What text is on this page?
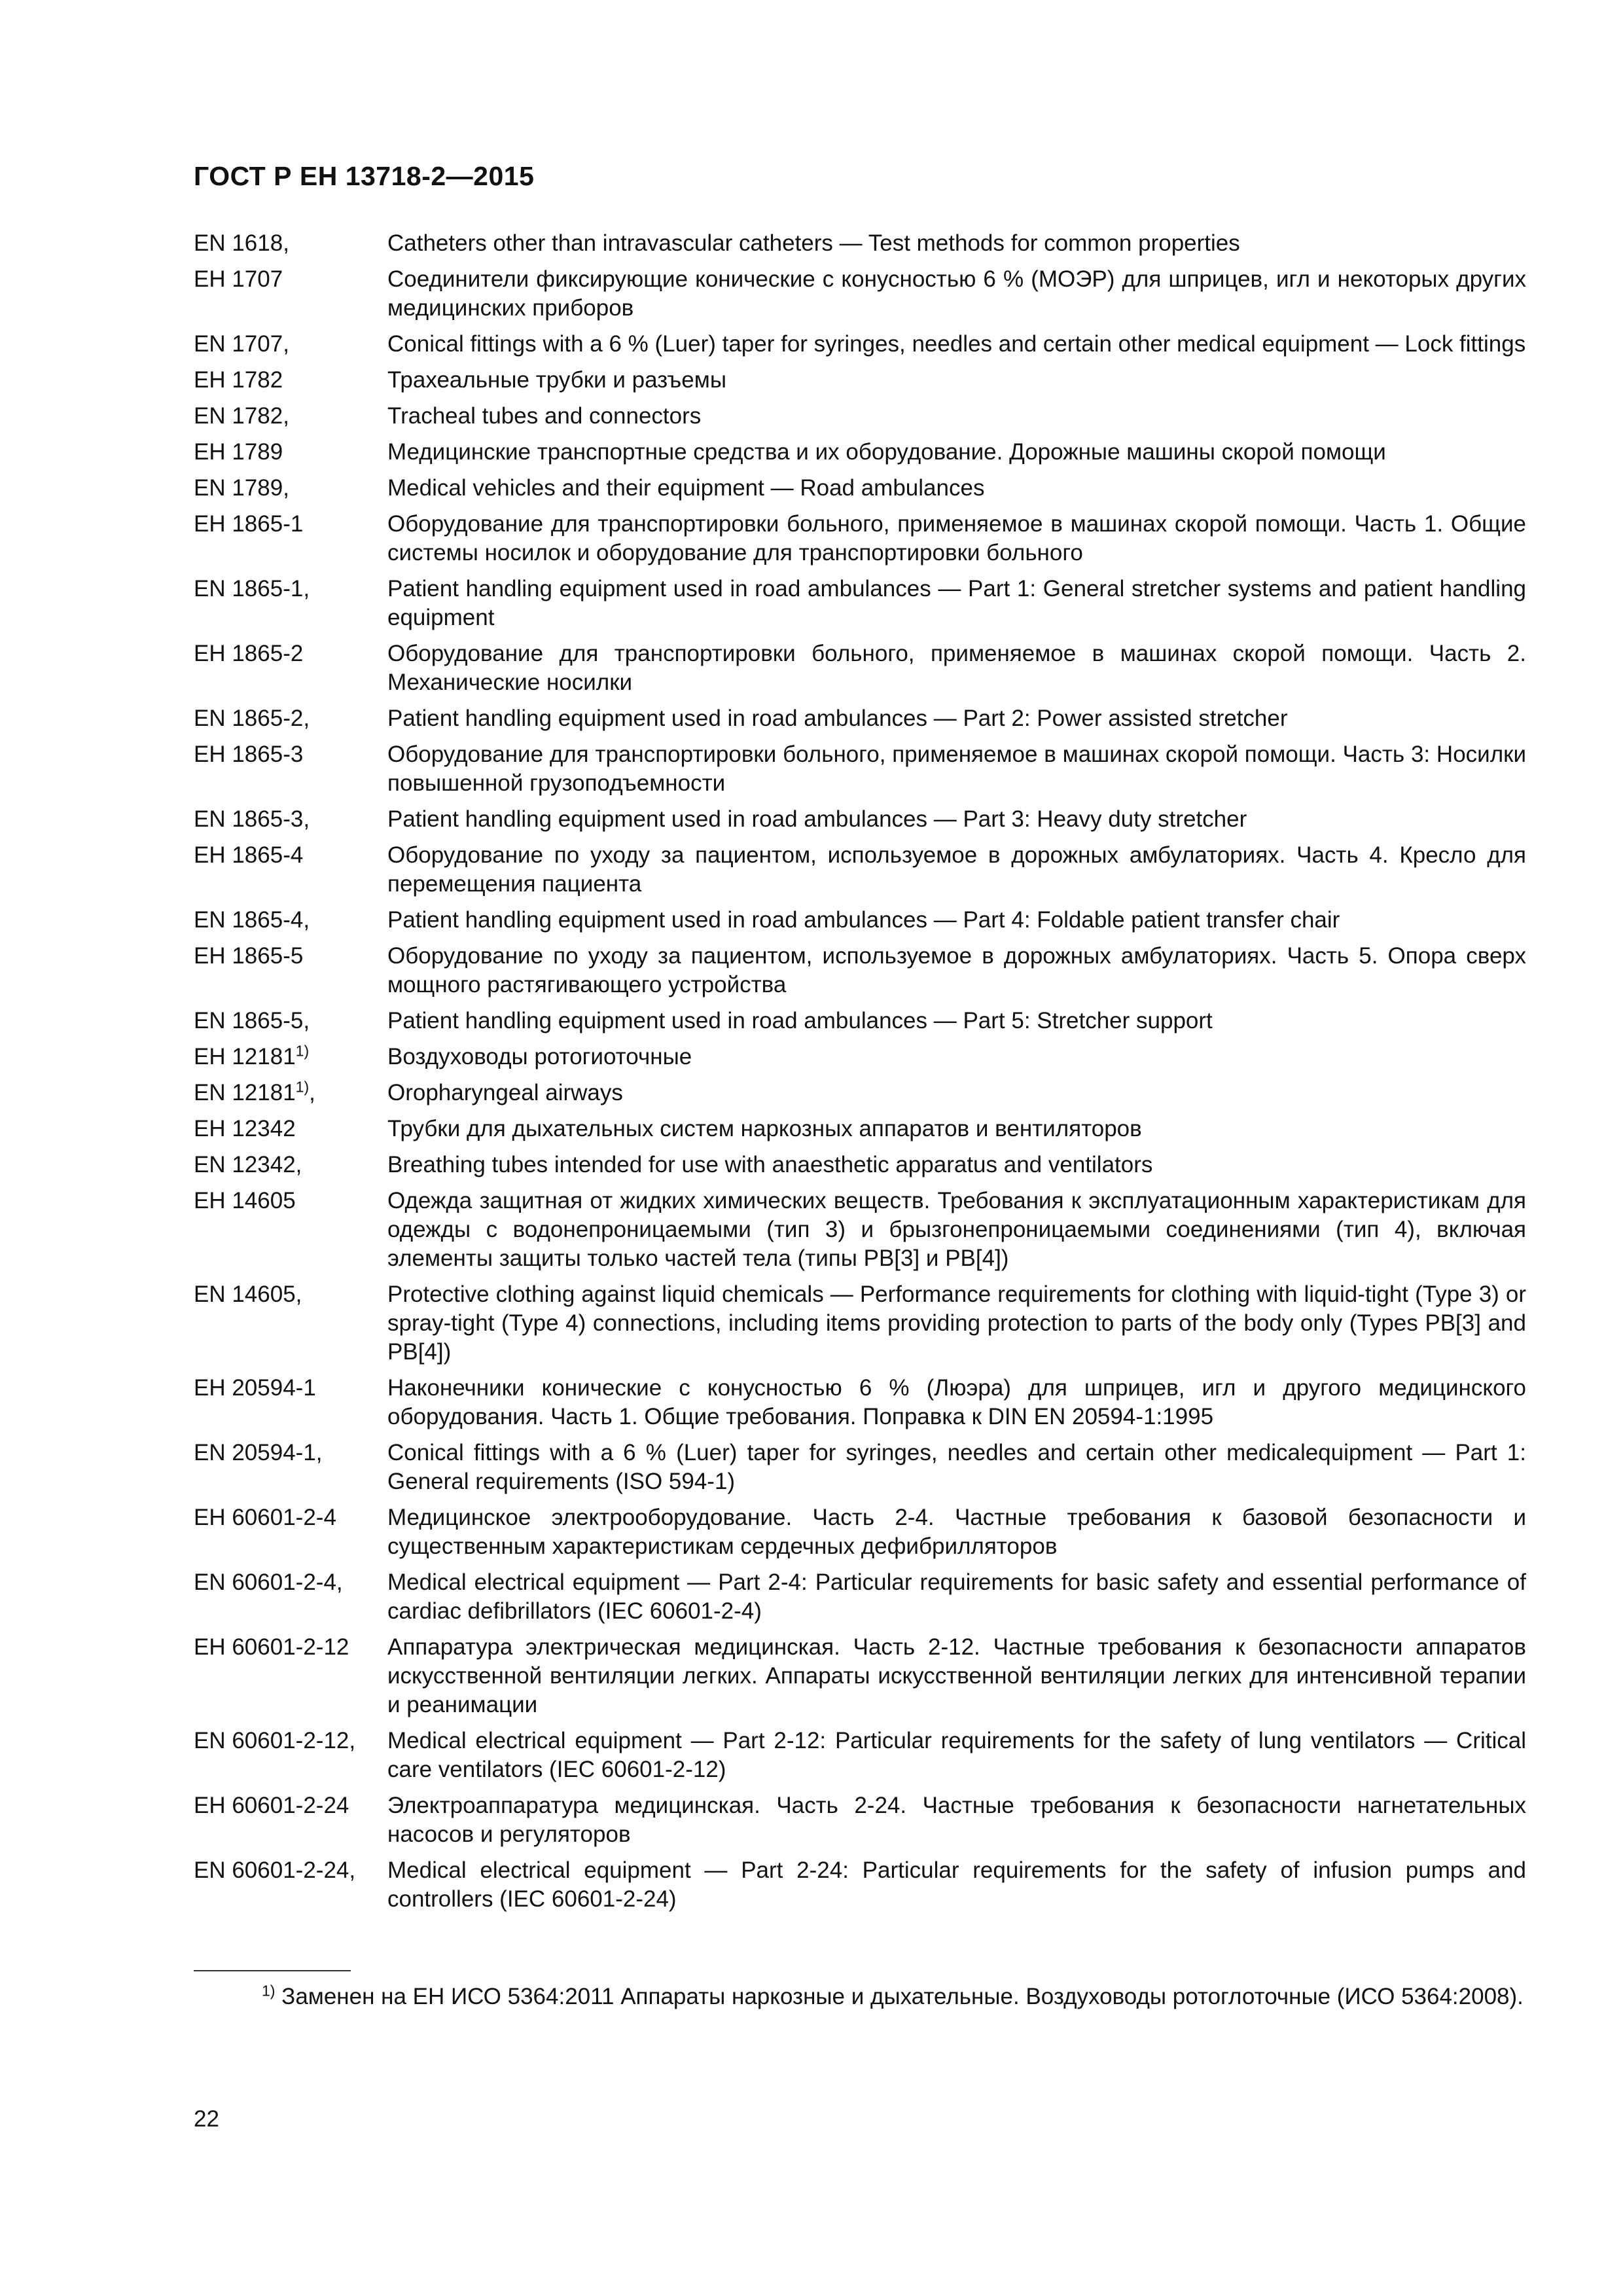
ГОСТ Р ЕН 13718-2—2015
EN 1618,	Catheters other than intravascular catheters — Test methods for common properties
ЕН 1707	Соединители фиксирующие конические с конусностью 6 % (МОЭР) для шприцев, игл и некоторых других медицинских приборов
EN 1707,	Conical fittings with a 6 % (Luer) taper for syringes, needles and certain other medical equipment — Lock fittings
ЕН 1782	Трахеальные трубки и разъемы
EN 1782,	Tracheal tubes and connectors
ЕН 1789	Медицинские транспортные средства и их оборудование. Дорожные машины скорой помощи
EN 1789,	Medical vehicles and their equipment — Road ambulances
ЕН 1865-1	Оборудование для транспортировки больного, применяемое в машинах скорой помощи. Часть 1. Общие системы носилок и оборудование для транспортировки больного
EN 1865-1,	Patient handling equipment used in road ambulances — Part 1: General stretcher systems and patient handling equipment
ЕН 1865-2	Оборудование для транспортировки больного, применяемое в машинах скорой помощи. Часть 2. Механические носилки
EN 1865-2,	Patient handling equipment used in road ambulances — Part 2: Power assisted stretcher
ЕН 1865-3	Оборудование для транспортировки больного, применяемое в машинах скорой помощи. Часть 3: Носилки повышенной грузоподъемности
EN 1865-3,	Patient handling equipment used in road ambulances — Part 3: Heavy duty stretcher
ЕН 1865-4	Оборудование по уходу за пациентом, используемое в дорожных амбулаториях. Часть 4. Кресло для перемещения пациента
EN 1865-4,	Patient handling equipment used in road ambulances — Part 4: Foldable patient transfer chair
ЕН 1865-5	Оборудование по уходу за пациентом, используемое в дорожных амбулаториях. Часть 5. Опора сверх мощного растягивающего устройства
EN 1865-5,	Patient handling equipment used in road ambulances — Part 5: Stretcher support
ЕН 12181$^{1)}$	Воздуховоды ротогиоточные
EN 12181$^{1)}$,	Oropharyngeal airways
ЕН 12342	Трубки для дыхательных систем наркозных аппаратов и вентиляторов
EN 12342,	Breathing tubes intended for use with anaesthetic apparatus and ventilators
ЕН 14605	Одежда защитная от жидких химических веществ. Требования к эксплуатационным характеристикам для одежды с водонепроницаемыми (тип 3) и брызгонепроницаемыми соединениями (тип 4), включая элементы защиты только частей тела (типы PB[3] и PB[4])
EN 14605,	Protective clothing against liquid chemicals — Performance requirements for clothing with liquid-tight (Type 3) or spray-tight (Type 4) connections, including items providing protection to parts of the body only (Types PB[3] and PB[4])
ЕН 20594-1	Наконечники конические с конусностью 6 % (Люэра) для шприцев, игл и другого медицинского оборудования. Часть 1. Общие требования. Поправка к DIN EN 20594-1:1995
EN 20594-1,	Conical fittings with a 6 % (Luer) taper for syringes, needles and certain other medicalequipment — Part 1: General requirements (ISO 594-1)
ЕН 60601-2-4	Медицинское электрооборудование. Часть 2-4. Частные требования к базовой безопасности и существенным характеристикам сердечных дефибрилляторов
EN 60601-2-4,	Medical electrical equipment — Part 2-4: Particular requirements for basic safety and essential performance of cardiac defibrillators (IEC 60601-2-4)
ЕН 60601-2-12	Аппаратура электрическая медицинская. Часть 2-12. Частные требования к безопасности аппаратов искусственной вентиляции легких. Аппараты искусственной вентиляции легких для интенсивной терапии и реанимации
EN 60601-2-12,	Medical electrical equipment — Part 2-12: Particular requirements for the safety of lung ventilators — Critical care ventilators (IEC 60601-2-12)
ЕН 60601-2-24	Электроаппаратура медицинская. Часть 2-24. Частные требования к безопасности нагнетательных насосов и регуляторов
EN 60601-2-24,	Medical electrical equipment — Part 2-24: Particular requirements for the safety of infusion pumps and controllers (IEC 60601-2-24)
$^{1)}$ Заменен на ЕН ИСО 5364:2011 Аппараты наркозные и дыхательные. Воздуховоды ротоглоточные (ИСО 5364:2008).
22
